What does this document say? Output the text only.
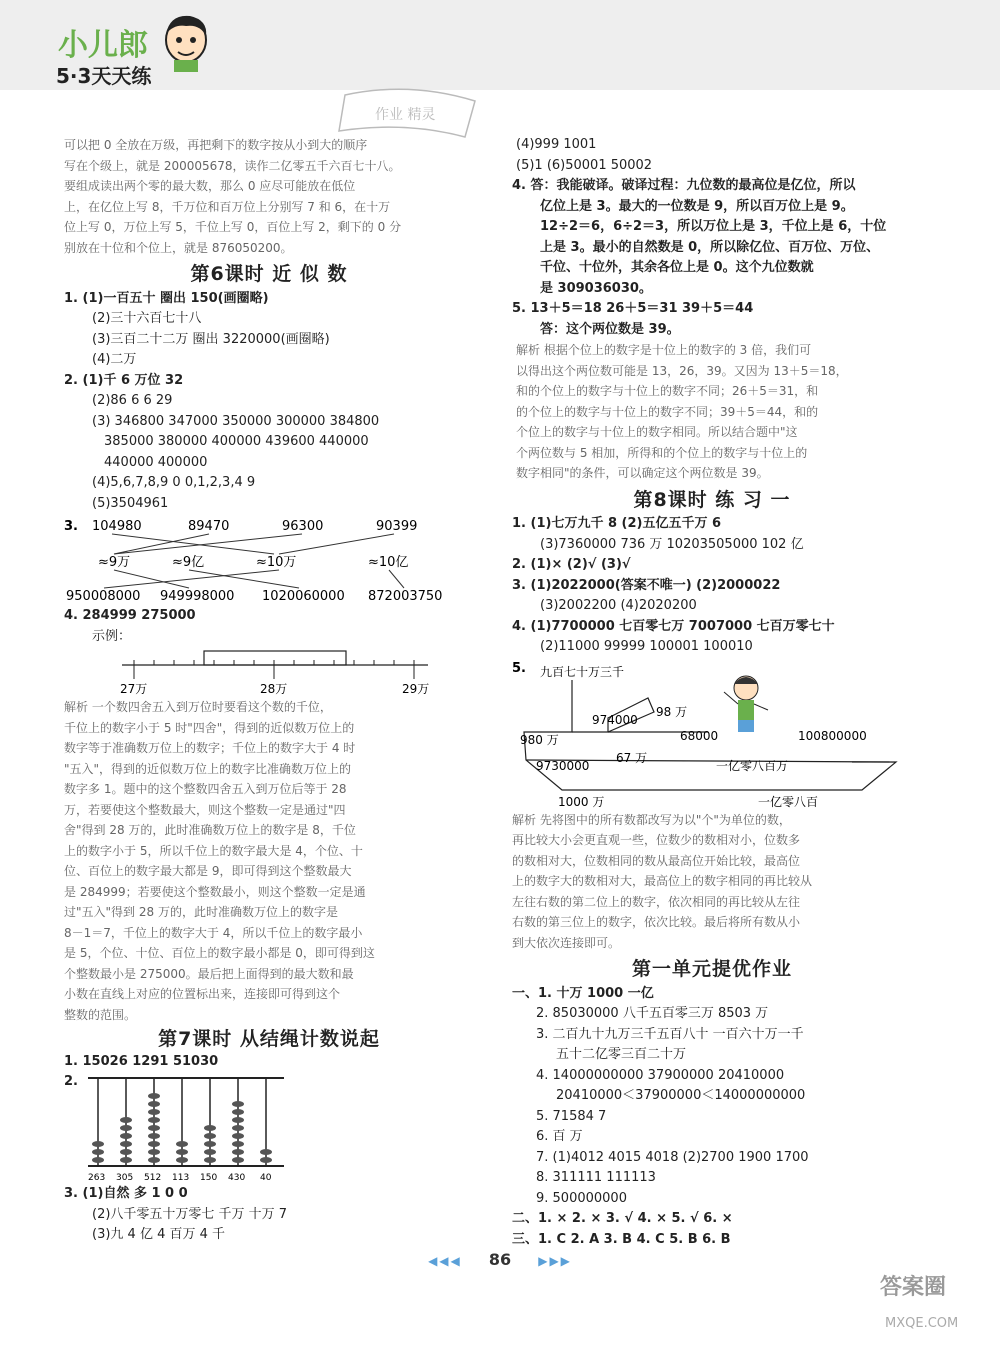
小儿郎
5·3天天练
作业 精灵
可以把 0 全放在万级，再把剩下的数字按从小到大的顺序
写在个级上，就是 200005678，读作二亿零五千六百七十八。
要组成读出两个零的最大数，那么 0 应尽可能放在低位
上，在亿位上写 8，千万位和百万位上分别写 7 和 6，在十万
位上写 0，万位上写 5，千位上写 0，百位上写 2，剩下的 0 分
别放在十位和个位上，就是 876050200。
第6课时 近 似 数
1. (1)一百五十 圈出 150(画圈略)
(2)三十六百七十八
(3)三百二十二万 圈出 3220000(画圈略)
(4)二万
2. (1)千 6 万位 32
(2)86 6 6 29
(3) 346800 347000 350000 300000 384800
385000 380000 400000 439600 440000
440000 400000
(4)5,6,7,8,9 0 0,1,2,3,4 9
(5)3504961
3. 104980	89470	96300	90399
≈9万	≈9亿	≈10万	≈10亿
950008000 949998000 1020060000 872003750
4. 284999 275000
示例：
27万	28万	29万
解析 一个数四舍五入到万位时要看这个数的千位，
千位上的数字小于 5 时"四舍"，得到的近似数万位上的
数字等于准确数万位上的数字；千位上的数字大于 4 时
"五入"，得到的近似数万位上的数字比准确数万位上的
数字多 1。题中的这个整数四舍五入到万位后等于 28
万，若要使这个整数最大，则这个整数一定是通过"四
舍"得到 28 万的，此时准确数万位上的数字是 8，千位
上的数字小于 5，所以千位上的数字最大是 4，个位、十
位、百位上的数字最大都是 9，即可得到这个整数最大
是 284999；若要使这个整数最小，则这个整数一定是通
过"五入"得到 28 万的，此时准确数万位上的数字是
8－1＝7，千位上的数字大于 4，所以千位上的数字最小
是 5，个位、十位、百位上的数字最小都是 0，即可得到这
个整数最小是 275000。最后把上面得到的最大数和最
小数在直线上对应的位置标出来，连接即可得到这个
整数的范围。
第7课时 从结绳计数说起
1. 15026 1291 51030
2.
263 305 512 113 150 430 40
3. (1)自然 多 1 0 0
(2)八千零五十万零七 千万 十万 7
(3)九 4 亿 4 百万 4 千
(4)999 1001
(5)1 (6)50001 50002
4. 答：我能破译。破译过程：九位数的最高位是亿位，所以
亿位上是 3。最大的一位数是 9，所以百万位上是 9。
12÷2＝6，6÷2＝3，所以万位上是 3，千位上是 6，十位
上是 3。最小的自然数是 0，所以除亿位、百万位、万位、
千位、十位外，其余各位上是 0。这个九位数就
是 309036030。
5. 13＋5＝18 26＋5＝31 39＋5＝44
答：这个两位数是 39。
解析 根据个位上的数字是十位上的数字的 3 倍，我们可
以得出这个两位数可能是 13，26，39。又因为 13＋5＝18，
和的个位上的数字与十位上的数字不同；26＋5＝31，和
的个位上的数字与十位上的数字不同；39＋5＝44，和的
个位上的数字与十位上的数字相同。所以结合题中"这
个两位数与 5 相加，所得和的个位上的数字与十位上的
数字相同"的条件，可以确定这个两位数是 39。
第8课时 练 习 一
1. (1)七万九千 8 (2)五亿五千万 6
(3)7360000 736 万 10203505000 102 亿
2. (1)× (2)√ (3)√
3. (1)2022000(答案不唯一) (2)2000022
(3)2002200 (4)2020200
4. (1)7700000 七百零七万 7007000 七百万零七十
(2)11000 99999 100001 100010
5. 九百七十万三千
974000
98 万
980 万	68000	100800000
9730000
67 万
一亿零八百万
1000 万	一亿零八百
解析 先将图中的所有数都改写为以"个"为单位的数，
再比较大小会更直观一些，位数少的数相对小，位数多
的数相对大，位数相同的数从最高位开始比较，最高位
上的数字大的数相对大，最高位上的数字相同的再比较从
左往右数的第二位上的数字，依次相同的再比较从左往
右数的第三位上的数字，依次比较。最后将所有数从小
到大依次连接即可。
第一单元提优作业
一、1. 十万 1000 一亿
2. 85030000 八千五百零三万 8503 万
3. 二百九十九万三千五百八十 一百六十万一千
五十二亿零三百二十万
4. 14000000000 37900000 20410000
20410000＜37900000＜14000000000
5. 71584 7
6. 百 万
7. (1)4012 4015 4018 (2)2700 1900 1700
8. 311111 111113
9. 500000000
二、1. × 2. × 3. √ 4. × 5. √ 6. ×
三、1. C 2. A 3. B 4. C 5. B 6. B
◀◀◀ 86 ▶▶▶
答案圈
MXQE.COM
